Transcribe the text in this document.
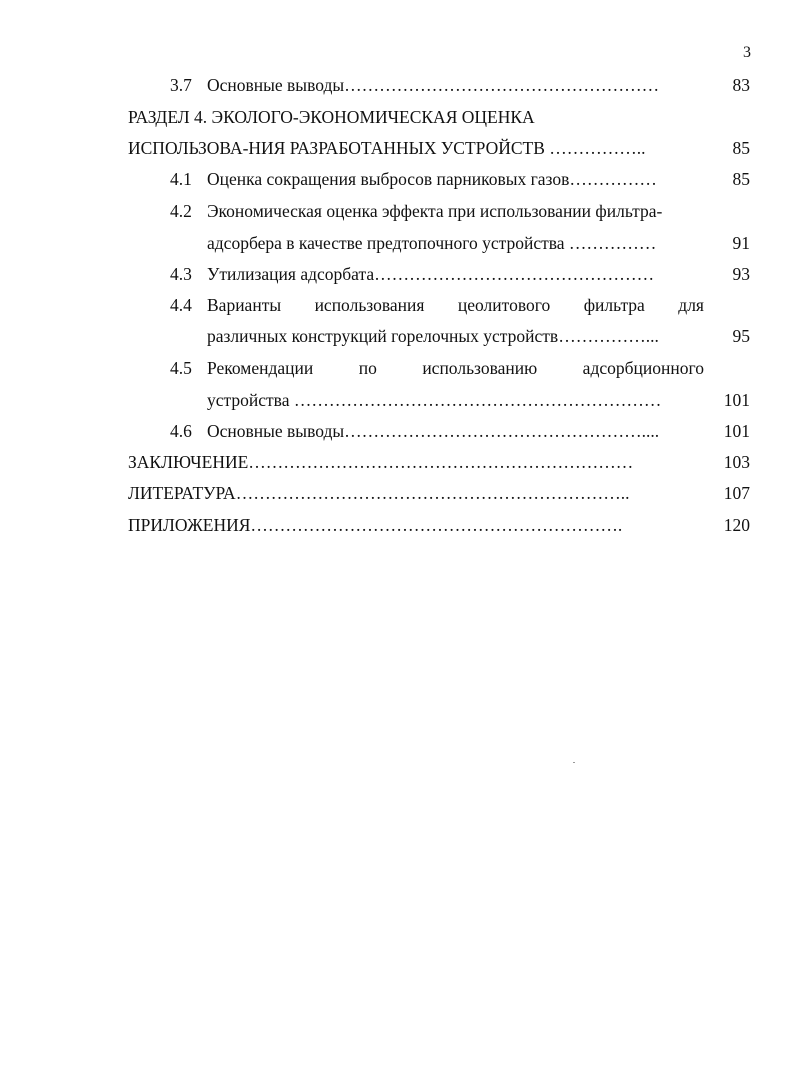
3
3.7 Основные выводы………………………………………………	83
РАЗДЕЛ 4. ЭКОЛОГО-ЭКОНОМИЧЕСКАЯ ОЦЕНКА
ИСПОЛЬЗОВА-НИЯ РАЗРАБОТАННЫХ УСТРОЙСТВ ……………..	85
4.1 Оценка сокращения выбросов парниковых газов……………	85
4.2 Экономическая оценка эффекта при использовании фильтра-
адсорбера в качестве предтопочного устройства ……………	91
4.3 Утилизация адсорбата…………………………………………	93
4.4 Варианты использования цеолитового фильтра для
различных конструкций горелочных устройств……………...	95
4.5 Рекомендации	по	использованию	адсорбционного
устройства ………………………………………………………	101
4.6 Основные выводы……………………………………………....	101
ЗАКЛЮЧЕНИЕ…………………………………………………………	103
ЛИТЕРАТУРА…………………………………………………………..	107
ПРИЛОЖЕНИЯ……………………………………………………….	120
